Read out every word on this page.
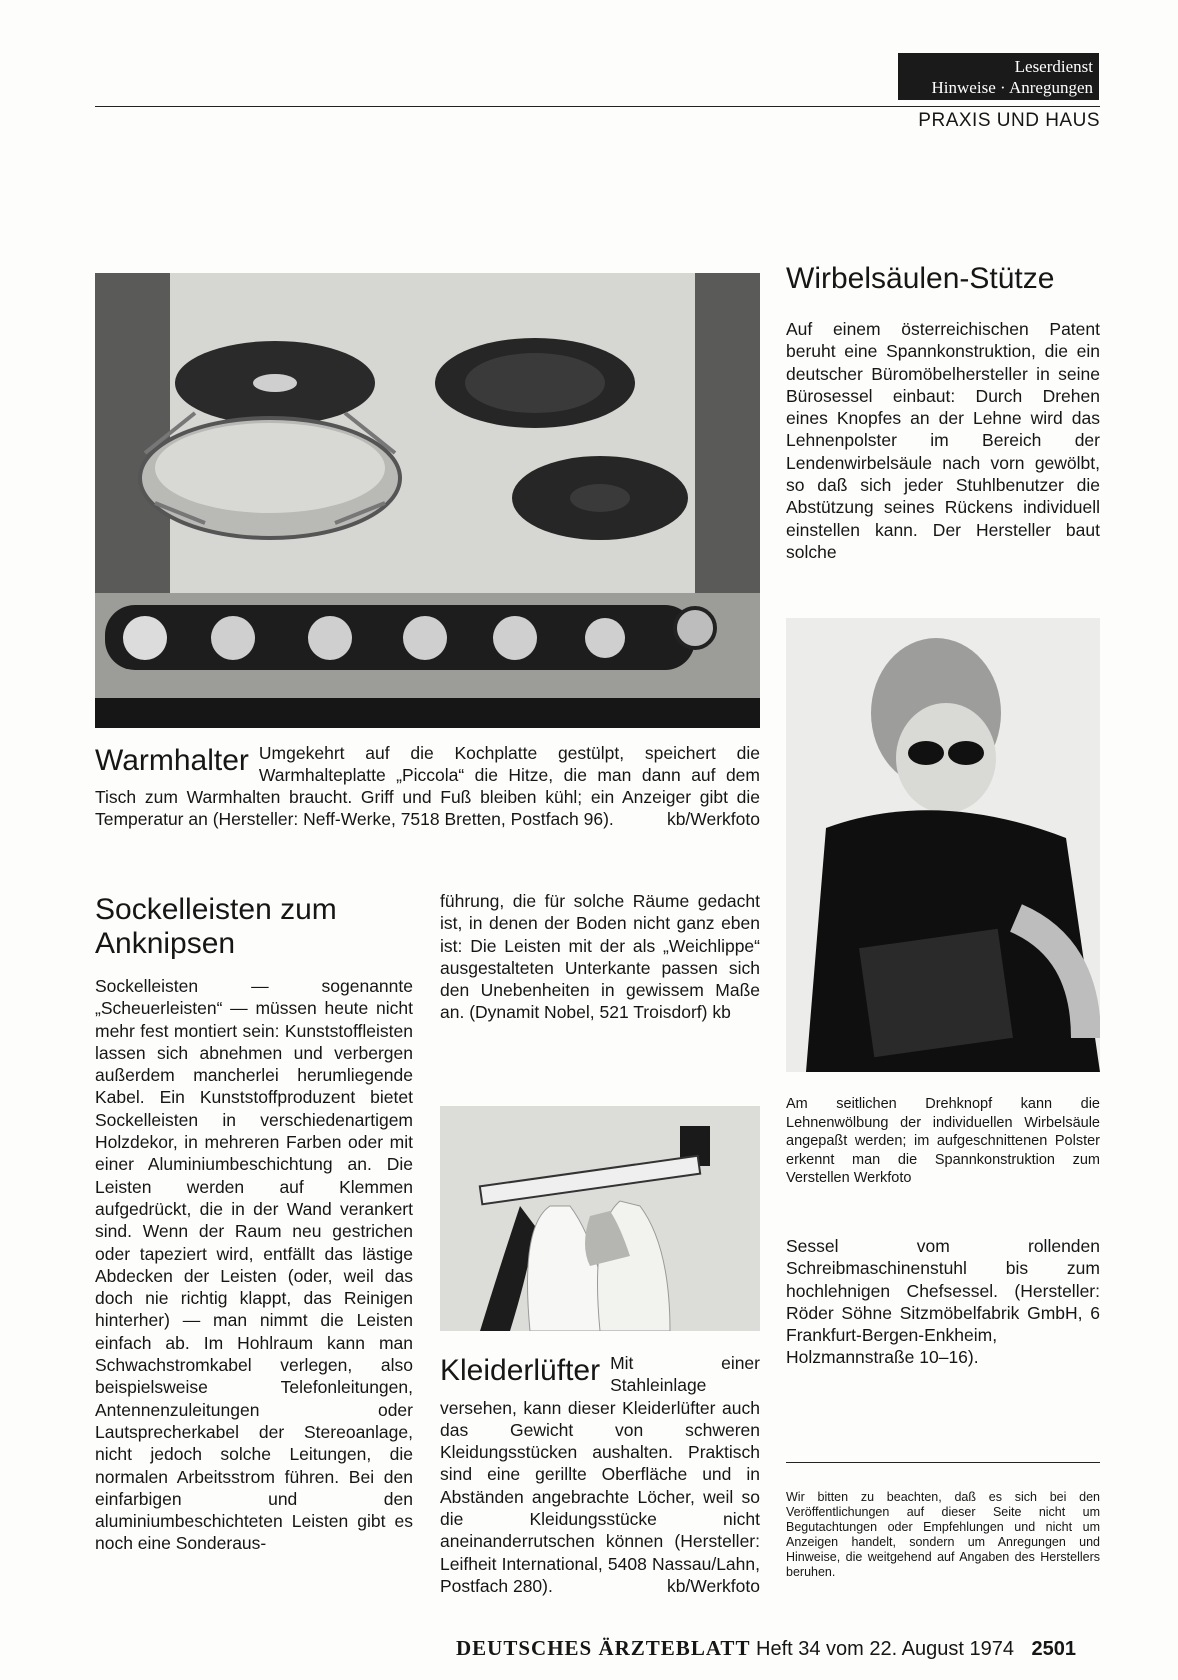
Leserdienst
Hinweise · Anregungen
PRAXIS UND HAUS
Wirbelsäulen-Stütze
Auf einem österreichischen Patent beruht eine Spannkonstruktion, die ein deutscher Büromöbelhersteller in seine Bürosessel einbaut: Durch Drehen eines Knopfes an der Lehne wird das Lehnenpolster im Bereich der Lendenwirbelsäule nach vorn gewölbt, so daß sich jeder Stuhlbenutzer die Abstützung seines Rückens individuell einstellen kann. Der Hersteller baut solche
Am seitlichen Drehknopf kann die Lehnenwölbung der individuellen Wirbelsäule angepaßt werden; im aufgeschnittenen Polster erkennt man die Spannkonstruktion zum Verstellen Werkfoto
Sessel vom rollenden Schreibmaschinenstuhl bis zum hochlehnigen Chefsessel. (Hersteller: Röder Söhne Sitzmöbelfabrik GmbH, 6 Frankfurt-Bergen-Enkheim, Holzmannstraße 10–16).
Wir bitten zu beachten, daß es sich bei den Veröffentlichungen auf dieser Seite nicht um Begutachtungen oder Empfehlungen und nicht um Anzeigen handelt, sondern um Anregungen und Hinweise, die weitgehend auf Angaben des Herstellers beruhen.
Warmhalter Umgekehrt auf die Kochplatte gestülpt, speichert die Warmhalteplatte „Piccola“ die Hitze, die man dann auf dem Tisch zum Warmhalten braucht. Griff und Fuß bleiben kühl; ein Anzeiger gibt die Temperatur an (Hersteller: Neff-Werke, 7518 Bretten, Postfach 96).	kb/Werkfoto
Sockelleisten zum Anknipsen
Sockelleisten — sogenannte „Scheuerleisten“ — müssen heute nicht mehr fest montiert sein: Kunststoffleisten lassen sich abnehmen und verbergen außerdem mancherlei herumliegende Kabel. Ein Kunststoffproduzent bietet Sockelleisten in verschiedenartigem Holzdekor, in mehreren Farben oder mit einer Aluminiumbeschichtung an. Die Leisten werden auf Klemmen aufgedrückt, die in der Wand verankert sind. Wenn der Raum neu gestrichen oder tapeziert wird, entfällt das lästige Abdecken der Leisten (oder, weil das doch nie richtig klappt, das Reinigen hinterher) — man nimmt die Leisten einfach ab. Im Hohlraum kann man Schwachstromkabel verlegen, also beispielsweise Telefonleitungen, Antennenzuleitungen oder Lautsprecherkabel der Stereoanlage, nicht jedoch solche Leitungen, die normalen Arbeitsstrom führen. Bei den einfarbigen und den aluminiumbeschichteten Leisten gibt es noch eine Sonderaus-
führung, die für solche Räume gedacht ist, in denen der Boden nicht ganz eben ist: Die Leisten mit der als „Weichlippe“ ausgestalteten Unterkante passen sich den Unebenheiten in gewissem Maße an. (Dynamit Nobel, 521 Troisdorf) kb
Kleiderlüfter Mit einer Stahleinlage versehen, kann dieser Kleiderlüfter auch das Gewicht von schweren Kleidungsstücken aushalten. Praktisch sind eine gerillte Oberfläche und in Abständen angebrachte Löcher, weil so die Kleidungsstücke nicht aneinanderrutschen können (Hersteller: Leifheit International, 5408 Nassau/Lahn, Postfach 280).	kb/Werkfoto
DEUTSCHES ÄRZTEBLATT Heft 34 vom 22. August 1974 2501
